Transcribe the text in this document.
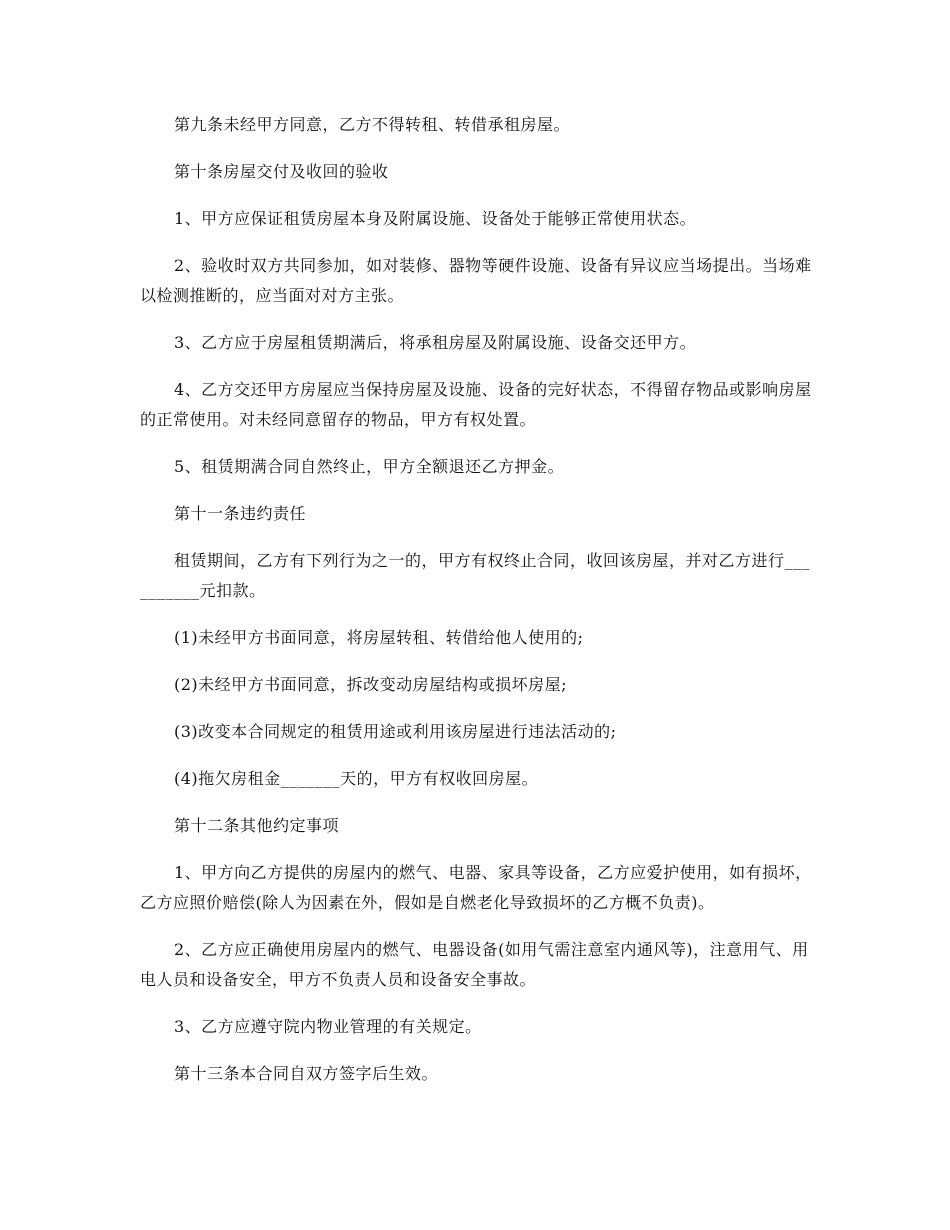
第九条未经甲方同意，乙方不得转租、转借承租房屋。

第十条房屋交付及收回的验收

1、甲方应保证租赁房屋本身及附属设施、设备处于能够正常使用状态。

2、验收时双方共同参加，如对装修、器物等硬件设施、设备有异议应当场提出。当场难以检测推断的，应当面对对方主张。

3、乙方应于房屋租赁期满后，将承租房屋及附属设施、设备交还甲方。

4、乙方交还甲方房屋应当保持房屋及设施、设备的完好状态，不得留存物品或影响房屋的正常使用。对未经同意留存的物品，甲方有权处置。

5、租赁期满合同自然终止，甲方全额退还乙方押金。

第十一条违约责任

租赁期间，乙方有下列行为之一的，甲方有权终止合同，收回该房屋，并对乙方进行__________元扣款。

(1)未经甲方书面同意，将房屋转租、转借给他人使用的;

(2)未经甲方书面同意，拆改变动房屋结构或损坏房屋;

(3)改变本合同规定的租赁用途或利用该房屋进行违法活动的;

(4)拖欠房租金_______天的，甲方有权收回房屋。

第十二条其他约定事项

1、甲方向乙方提供的房屋内的燃气、电器、家具等设备，乙方应爱护使用，如有损坏，乙方应照价赔偿(除人为因素在外，假如是自燃老化导致损坏的乙方概不负责)。

2、乙方应正确使用房屋内的燃气、电器设备(如用气需注意室内通风等)，注意用气、用电人员和设备安全，甲方不负责人员和设备安全事故。

3、乙方应遵守院内物业管理的有关规定。

第十三条本合同自双方签字后生效。
